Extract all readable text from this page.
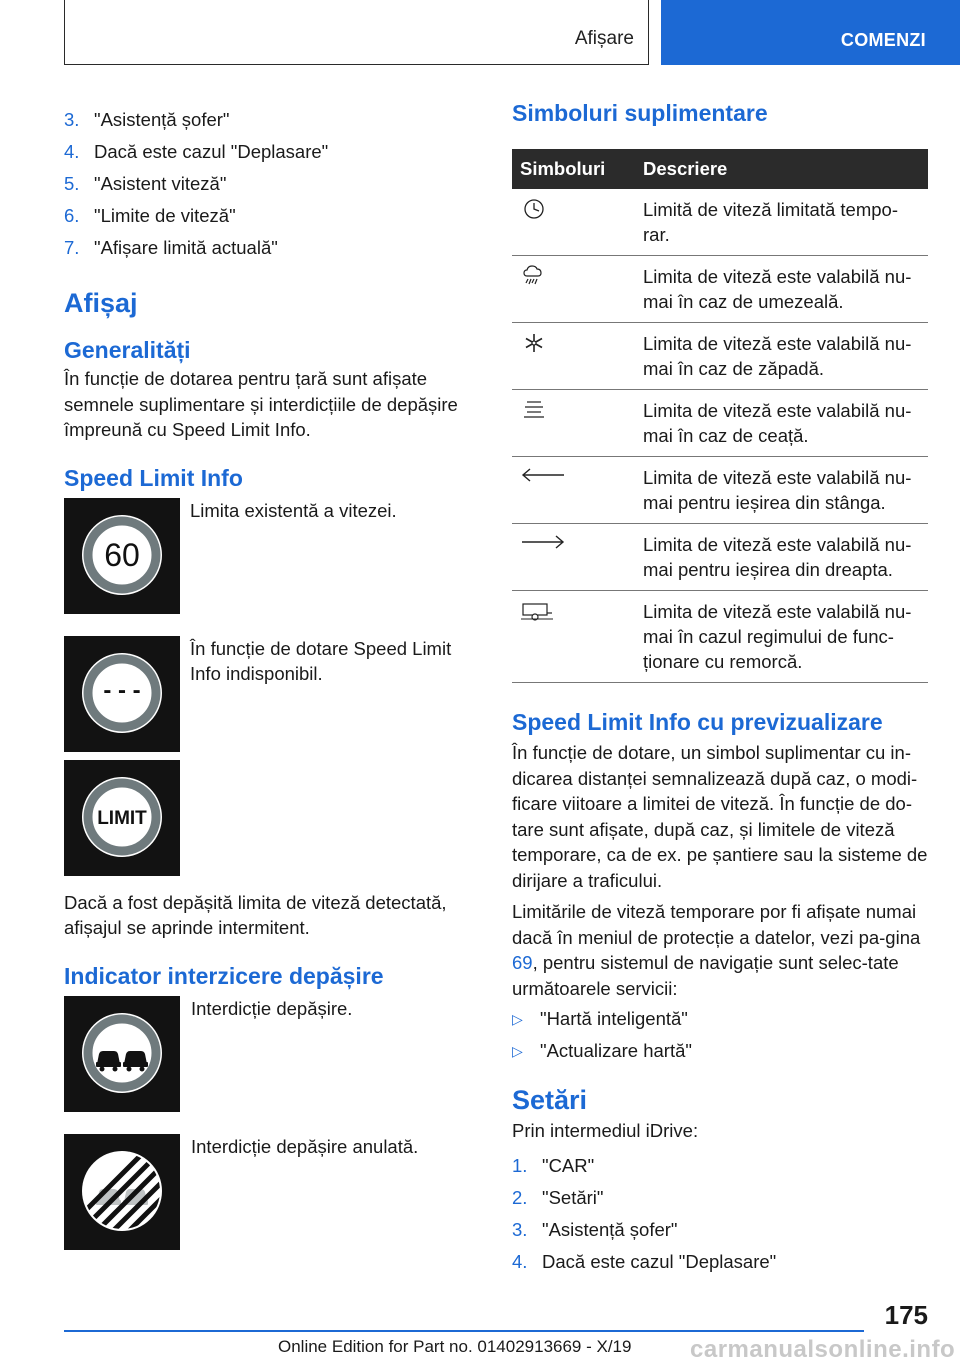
Afișare	COMENZI
3. "Asistență șofer"
4. Dacă este cazul "Deplasare"
5. "Asistent viteză"
6. "Limite de viteză"
7. "Afișare limită actuală"
Afișaj
Generalități
În funcție de dotarea pentru țară sunt afișate semnele suplimentare și interdicțiile de depășire împreună cu Speed Limit Info.
Speed Limit Info
60
Limita existentă a vitezei.
- - -
În funcție de dotare Speed Limit Info indisponibil.
LIMIT
Dacă a fost depășită limita de viteză detectată, afișajul se aprinde intermitent.
Indicator interzicere depășire
Interdicție depășire.
Interdicție depășire anulată.
Simboluri suplimentare
Simboluri	Descriere
	Limită de viteză limitată tempo-rar.
	Limita de viteză este valabilă nu-mai în caz de umezeală.
	Limita de viteză este valabilă nu-mai în caz de zăpadă.
	Limita de viteză este valabilă nu-mai în caz de ceață.
	Limita de viteză este valabilă nu-mai pentru ieșirea din stânga.
	Limita de viteză este valabilă nu-mai pentru ieșirea din dreapta.
	Limita de viteză este valabilă nu-mai în cazul regimului de func-ționare cu remorcă.
Speed Limit Info cu previzualizare
În funcție de dotare, un simbol suplimentar cu in-dicarea distanței semnalizează după caz, o modi-ficare viitoare a limitei de viteză. În funcție de do-tare sunt afișate, după caz, și limitele de viteză temporare, ca de ex. pe șantiere sau la sisteme de dirijare a traficului.
Limitările de viteză temporare por fi afișate numai dacă în meniul de protecție a datelor, vezi pa-gina 69, pentru sistemul de navigație sunt selec-tate următoarele servicii:
▷ "Hartă inteligentă"
▷ "Actualizare hartă"
Setări
Prin intermediul iDrive:
1. "CAR"
2. "Setări"
3. "Asistență șofer"
4. Dacă este cazul "Deplasare"
175
Online Edition for Part no. 01402913669 - X/19 carmanualsonline.info
